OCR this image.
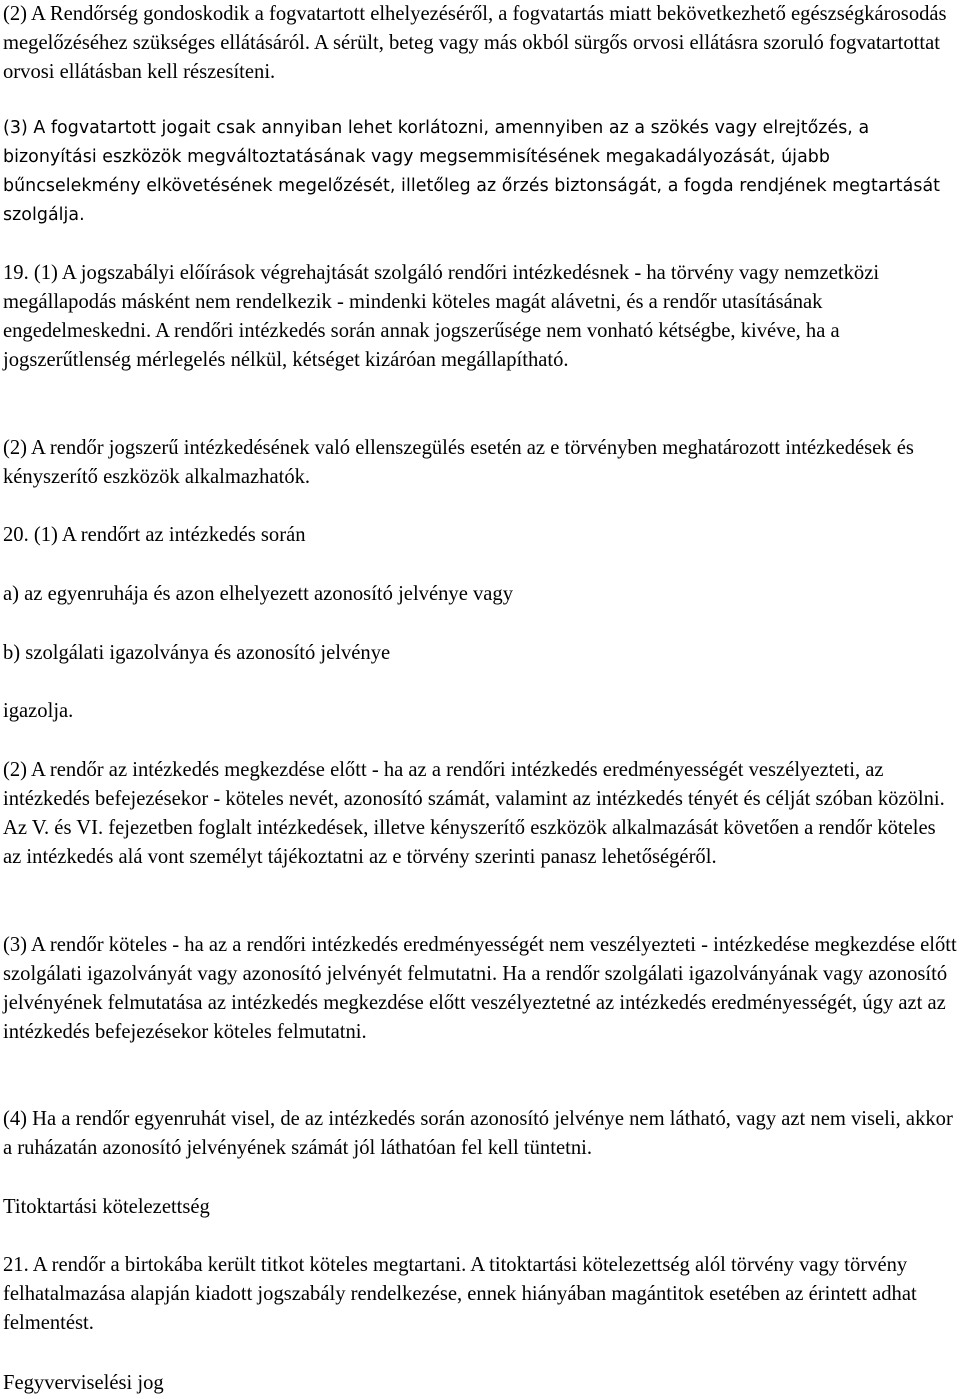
(2) A Rendőrség gondoskodik a fogvatartott elhelyezéséről, a fogvatartás miatt bekövetkezhető egészségkárosodás megelőzéséhez szükséges ellátásáról. A sérült, beteg vagy más okból sürgős orvosi ellátásra szoruló fogvatartottat orvosi ellátásban kell részesíteni.

(3) A fogvatartott jogait csak annyiban lehet korlátozni, amennyiben az a szökés vagy elrejtőzés, a bizonyítási eszközök megváltoztatásának vagy megsemmisítésének megakadályozását, újabb bűncselekmény elkövetésének megelőzését, illetőleg az őrzés biztonságát, a fogda rendjének megtartását szolgálja.

19. (1) A jogszabályi előírások végrehajtását szolgáló rendőri intézkedésnek - ha törvény vagy nemzetközi megállapodás másként nem rendelkezik - mindenki köteles magát alávetni, és a rendőr utasításának engedelmeskedni. A rendőri intézkedés során annak jogszerűsége nem vonható kétségbe, kivéve, ha a jogszerűtlenség mérlegelés nélkül, kétséget kizáróan megállapítható.

(2) A rendőr jogszerű intézkedésének való ellenszegülés esetén az e törvényben meghatározott intézkedések és kényszerítő eszközök alkalmazhatók.

20. (1) A rendőrt az intézkedés során

a) az egyenruhája és azon elhelyezett azonosító jelvénye vagy

b) szolgálati igazolványa és azonosító jelvénye

igazolja.

(2) A rendőr az intézkedés megkezdése előtt - ha az a rendőri intézkedés eredményességét veszélyezteti, az intézkedés befejezésekor - köteles nevét, azonosító számát, valamint az intézkedés tényét és célját szóban közölni. Az V. és VI. fejezetben foglalt intézkedések, illetve kényszerítő eszközök alkalmazását követően a rendőr köteles az intézkedés alá vont személyt tájékoztatni az e törvény szerinti panasz lehetőségéről.

(3) A rendőr köteles - ha az a rendőri intézkedés eredményességét nem veszélyezteti - intézkedése megkezdése előtt szolgálati igazolványát vagy azonosító jelvényét felmutatni. Ha a rendőr szolgálati igazolványának vagy azonosító jelvényének felmutatása az intézkedés megkezdése előtt veszélyeztetné az intézkedés eredményességét, úgy azt az intézkedés befejezésekor köteles felmutatni.

(4) Ha a rendőr egyenruhát visel, de az intézkedés során azonosító jelvénye nem látható, vagy azt nem viseli, akkor a ruházatán azonosító jelvényének számát jól láthatóan fel kell tüntetni.

Titoktartási kötelezettség

21. A rendőr a birtokába került titkot köteles megtartani. A titoktartási kötelezettség alól törvény vagy törvény felhatalmazása alapján kiadott jogszabály rendelkezése, ennek hiányában magántitok esetében az érintett adhat felmentést.

Fegyverviselési jog
